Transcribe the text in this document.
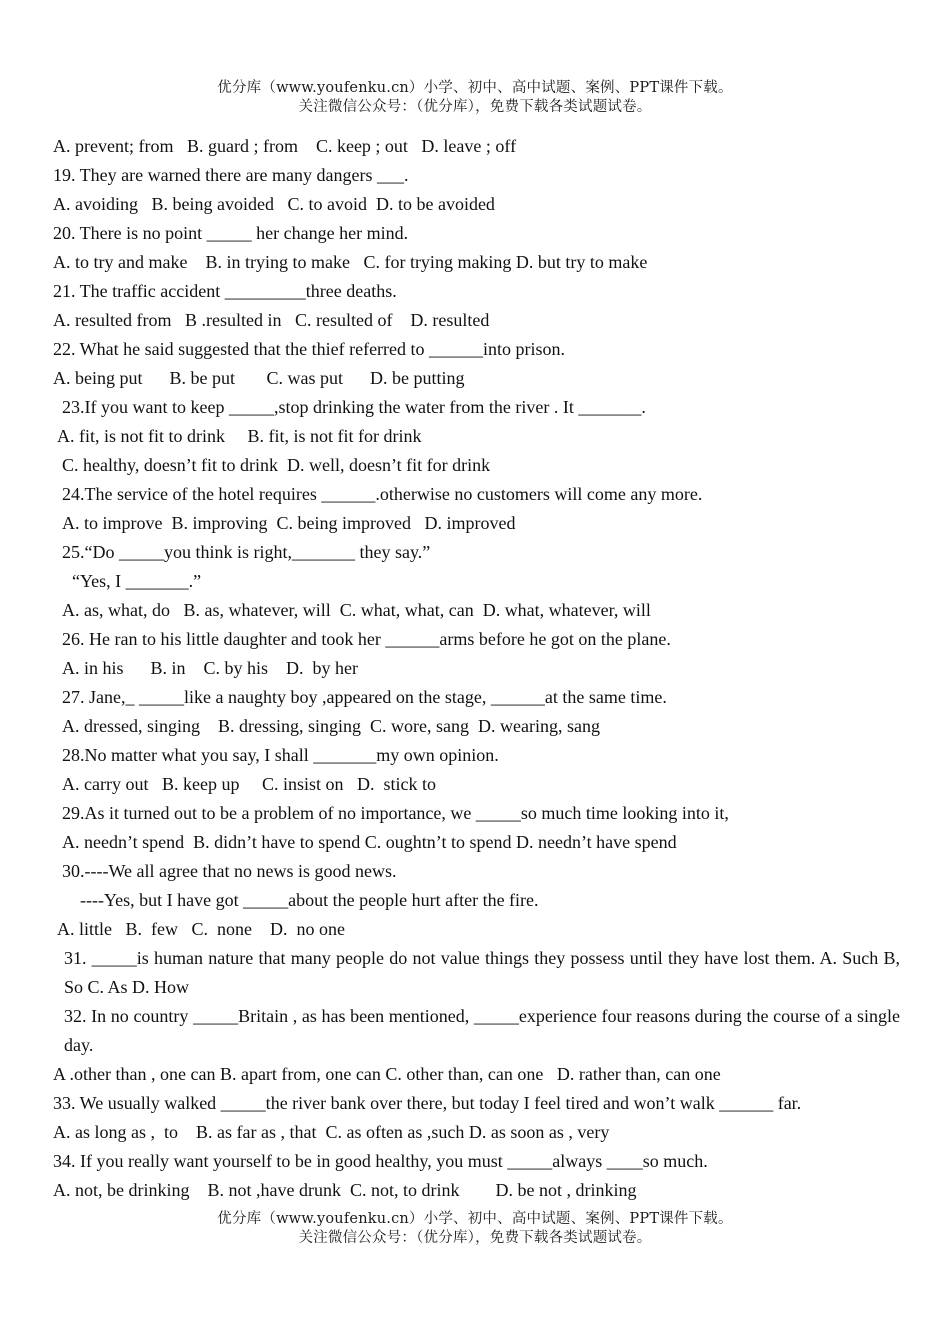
优分库（www.youfenku.cn）小学、初中、高中试题、案例、PPT课件下载。
关注微信公众号：（优分库），免费下载各类试题试卷。
A. prevent; from   B. guard ; from    C. keep ; out   D. leave ; off
19. They are warned there are many dangers ___.
A. avoiding   B. being avoided   C. to avoid  D. to be avoided
20. There is no point _____ her change her mind.
A. to try and make    B. in trying to make   C. for trying making D. but try to make
21. The traffic accident _________three deaths.
A. resulted from   B .resulted in   C. resulted of    D. resulted
22. What he said suggested that the thief referred to ______into prison.
A. being put      B. be put       C. was put      D. be putting
23.If you want to keep _____,stop drinking the water from the river . It _______.
A. fit, is not fit to drink     B. fit, is not fit for drink
C. healthy, doesn’t fit to drink  D. well, doesn’t fit for drink
24.The service of the hotel requires ______.otherwise no customers will come any more.
A. to improve  B. improving  C. being improved   D. improved
25.“Do _____you think is right,_______ they say.”
“Yes, I _______.”
A. as, what, do   B. as, whatever, will  C. what, what, can  D. what, whatever, will
26. He ran to his little daughter and took her ______arms before he got on the plane.
A. in his      B. in    C. by his    D.  by her
27. Jane,_ _____like a naughty boy ,appeared on the stage, ______at the same time.
A. dressed, singing    B. dressing, singing  C. wore, sang  D. wearing, sang
28.No matter what you say, I shall _______my own opinion.
A. carry out   B. keep up     C. insist on   D.  stick to
29.As it turned out to be a problem of no importance, we _____so much time looking into it,
A. needn’t spend  B. didn’t have to spend C. oughtn’t to spend D. needn’t have spend
30.----We all agree that no news is good news.
----Yes, but I have got _____about the people hurt after the fire.
A. little   B.  few   C.  none    D.  no one
31. _____is human nature that many people do not value things they possess until they have lost them. A. Such B, So C. As D. How
32. In no country _____Britain , as has been mentioned, _____experience four reasons during the course of a single day.
A .other than , one can B. apart from, one can C. other than, can one   D. rather than, can one
33. We usually walked _____the river bank over there, but today I feel tired and won’t walk ______ far.
A. as long as ,  to    B. as far as , that  C. as often as ,such D. as soon as , very
34. If you really want yourself to be in good healthy, you must _____always ____so much.
A. not, be drinking    B. not ,have drunk  C. not, to drink        D. be not , drinking
优分库（www.youfenku.cn）小学、初中、高中试题、案例、PPT课件下载。
关注微信公众号：（优分库），免费下载各类试题试卷。
